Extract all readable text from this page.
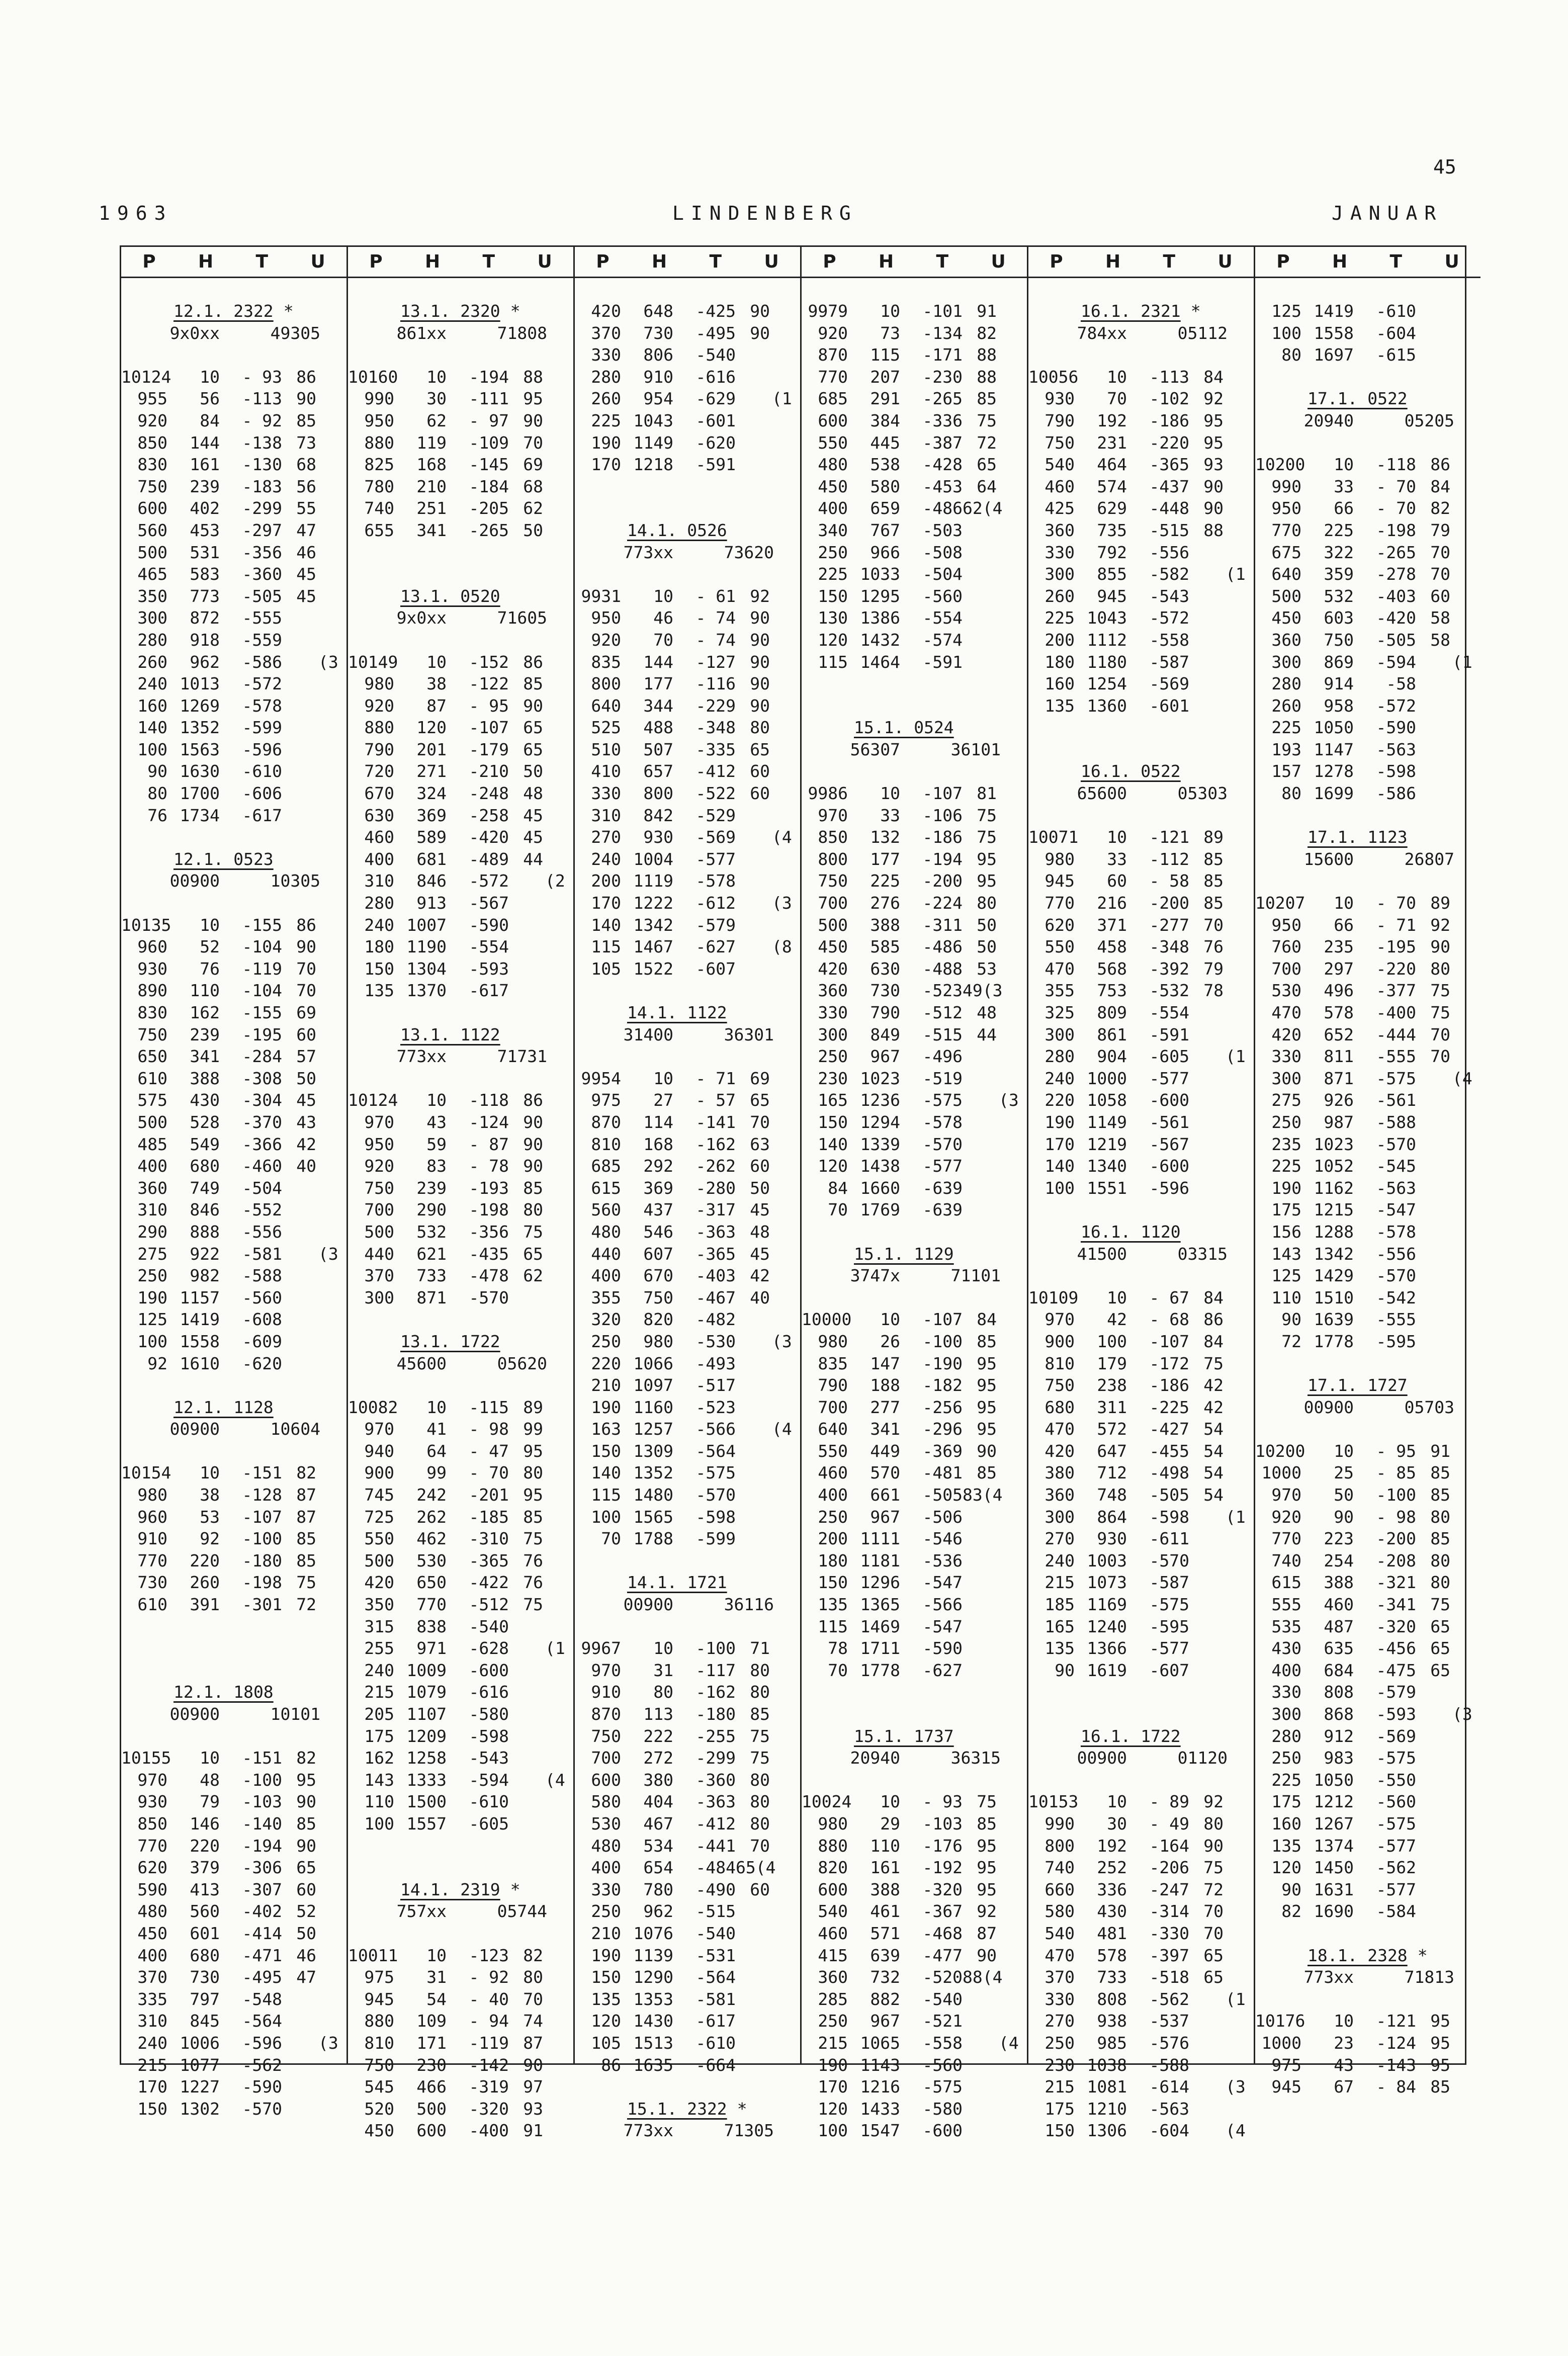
45
1963	LINDENBERG	JANUAR
P H T U
12.1. 2322 *
9x0xx	49305
10124	10	- 93 86
955	56	-113 90
920	84	- 92 85
850	144	-138 73
830	161	-130 68
750	239	-183 56
600	402	-299 55
560	453	-297 47
500	531	-356 46
465	583	-360 45
350	773	-505 45
300	872	-555
280	918	-559
260	962	-586 (3
240 1013	-572
160 1269	-578
140 1352	-599
100 1563	-596
90 1630	-610
80 1700	-606
76 1734	-617
12.1. 0523
00900	10305
10135	10	-155 86
960	52	-104 90
930	76	-119 70
890	110	-104 70
830	162	-155 69
750	239	-195 60
650	341	-284 57
610	388	-308 50
575	430	-304 45
500	528	-370 43
485	549	-366 42
400	680	-460 40
360	749	-504
310	846	-552
290	888	-556
275	922	-581 (3
250	982	-588
190 1157	-560
125 1419	-608
100 1558	-609
92 1610	-620
12.1. 1128
00900	10604
10154	10	-151 82
980	38	-128 87
960	53	-107 87
910	92	-100 85
770	220	-180 85
730	260	-198 75
610	391	-301 72
12.1. 1808
00900	10101
10155	10	-151 82
970	48	-100 95
930	79	-103 90
850	146	-140 85
770	220	-194 90
620	379	-306 65
590	413	-307 60
480	560	-402 52
450	601	-414 50
400	680	-471 46
370	730	-495 47
335	797	-548
310	845	-564
240 1006	-596 (3
215 1077	-562
170 1227	-590
150 1302	-570
P H T U
13.1. 2320 *
861xx	71808
10160	10	-194 88
990	30	-111 95
950	62	- 97 90
880	119	-109 70
825	168	-145 69
780	210	-184 68
740	251	-205 62
655	341	-265 50
13.1. 0520
9x0xx	71605
10149	10	-152 86
980	38	-122 85
920	87	- 95 90
880	120	-107 65
790	201	-179 65
720	271	-210 50
670	324	-248 48
630	369	-258 45
460	589	-420 45
400	681	-489 44
310	846	-572 (2
280	913	-567
240 1007	-590
180 1190	-554
150 1304	-593
135 1370	-617
13.1. 1122
773xx	71731
10124	10	-118 86
970	43	-124 90
950	59	- 87 90
920	83	- 78 90
750	239	-193 85
700	290	-198 80
500	532	-356 75
440	621	-435 65
370	733	-478 62
300	871	-570
13.1. 1722
45600	05620
10082	10	-115 89
970	41	- 98 99
940	64	- 47 95
900	99	- 70 80
745	242	-201 95
725	262	-185 85
550	462	-310 75
500	530	-365 76
420	650	-422 76
350	770	-512 75
315	838	-540
255	971	-628 (1
240 1009	-600
215 1079	-616
205 1107	-580
175 1209	-598
162 1258	-543
143 1333	-594 (4
110 1500	-610
100 1557	-605
14.1. 2319 *
757xx	05744
10011	10	-123 82
975	31	- 92 80
945	54	- 40 70
880	109	- 94 74
810	171	-119 87
750	230	-142 90
545	466	-319 97
520	500	-320 93
450	600	-400 91
P H T U
420	648	-425 90
370	730	-495 90
330	806	-540
280	910	-616
260	954	-629 (1
225 1043	-601
190 1149	-620
170 1218	-591
14.1. 0526
773xx	73620
9931	10	- 61 92
950	46	- 74 90
920	70	- 74 90
835	144	-127 90
800	177	-116 90
640	344	-229 90
525	488	-348 80
510	507	-335 65
410	657	-412 60
330	800	-522 60
310	842	-529
270	930	-569 (4
240 1004	-577
200 1119	-578
170 1222	-612 (3
140 1342	-579
115 1467	-627 (8
105 1522	-607
14.1. 1122
31400	36301
9954	10	- 71 69
975	27	- 57 65
870	114	-141 70
810	168	-162 63
685	292	-262 60
615	369	-280 50
560	437	-317 45
480	546	-363 48
440	607	-365 45
400	670	-403 42
355	750	-467 40
320	820	-482
250	980	-530 (3
220 1066	-493
210 1097	-517
190 1160	-523
163 1257	-566 (4
150 1309	-564
140 1352	-575
115 1480	-570
100 1565	-598
70 1788	-599
14.1. 1721
00900	36116
9967	10	-100 71
970	31	-117 80
910	80	-162 80
870	113	-180 85
750	222	-255 75
700	272	-299 75
600	380	-360 80
580	404	-363 80
530	467	-412 80
480	534	-441 70
400	654	-484 65(4
330	780	-490 60
250	962	-515
210 1076	-540
190 1139	-531
150 1290	-564
135 1353	-581
120 1430	-617
105 1513	-610
86 1635	-664
15.1. 2322 *
773xx	71305
P H T U
9979	10	-101 91
920	73	-134 82
870	115	-171 88
770	207	-230 88
685	291	-265 85
600	384	-336 75
550	445	-387 72
480	538	-428 65
450	580	-453 64
400	659	-486 62(4
340	767	-503
250	966	-508
225 1033	-504
150 1295	-560
130 1386	-554
120 1432	-574
115 1464	-591
15.1. 0524
56307	36101
9986	10	-107 81
970	33	-106 75
850	132	-186 75
800	177	-194 95
750	225	-200 95
700	276	-224 80
500	388	-311 50
450	585	-486 50
420	630	-488 53
360	730	-523 49(3
330	790	-512 48
300	849	-515 44
250	967	-496
230 1023	-519
165 1236	-575 (3
150 1294	-578
140 1339	-570
120 1438	-577
84 1660	-639
70 1769	-639
15.1. 1129
3747x	71101
10000	10	-107 84
980	26	-100 85
835	147	-190 95
790	188	-182 95
700	277	-256 95
640	341	-296 95
550	449	-369 90
460	570	-481 85
400	661	-505 83(4
250	967	-506
200 1111	-546
180 1181	-536
150 1296	-547
135 1365	-566
115 1469	-547
78 1711	-590
70 1778	-627
15.1. 1737
20940	36315
10024	10	- 93 75
980	29	-103 85
880	110	-176 95
820	161	-192 95
600	388	-320 95
540	461	-367 92
460	571	-468 87
415	639	-477 90
360	732	-520 88(4
285	882	-540
250	967	-521
215 1065	-558 (4
190 1143	-560
170 1216	-575
120 1433	-580
100 1547	-600
P H T U
16.1. 2321 *
784xx	05112
10056	10	-113 84
930	70	-102 92
790	192	-186 95
750	231	-220 95
540	464	-365 93
460	574	-437 90
425	629	-448 90
360	735	-515 88
330	792	-556
300	855	-582 (1
260	945	-543
225 1043	-572
200 1112	-558
180 1180	-587
160 1254	-569
135 1360	-601
16.1. 0522
65600	05303
10071	10	-121 89
980	33	-112 85
945	60	- 58 85
770	216	-200 85
620	371	-277 70
550	458	-348 76
470	568	-392 79
355	753	-532 78
325	809	-554
300	861	-591
280	904	-605 (1
240 1000	-577
220 1058	-600
190 1149	-561
170 1219	-567
140 1340	-600
100 1551	-596
16.1. 1120
41500	03315
10109	10	- 67 84
970	42	- 68 86
900	100	-107 84
810	179	-172 75
750	238	-186 42
680	311	-225 42
470	572	-427 54
420	647	-455 54
380	712	-498 54
360	748	-505 54
300	864	-598 (1
270	930	-611
240 1003	-570
215 1073	-587
185 1169	-575
165 1240	-595
135 1366	-577
90 1619	-607
16.1. 1722
00900	01120
10153	10	- 89 92
990	30	- 49 80
800	192	-164 90
740	252	-206 75
660	336	-247 72
580	430	-314 70
540	481	-330 70
470	578	-397 65
370	733	-518 65
330	808	-562 (1
270	938	-537
250	985	-576
230 1038	-588
215 1081	-614 (3
175 1210	-563
150 1306	-604 (4
P H T U
125 1419	-610
100 1558	-604
80 1697	-615
17.1. 0522
20940	05205
10200	10	-118 86
990	33	- 70 84
950	66	- 70 82
770	225	-198 79
675	322	-265 70
640	359	-278 70
500	532	-403 60
450	603	-420 58
360	750	-505 58
300	869	-594 (1
280	914	-58
260	958	-572
225 1050	-590
193 1147	-563
157 1278	-598
80 1699	-586
17.1. 1123
15600	26807
10207	10	- 70 89
950	66	- 71 92
760	235	-195 90
700	297	-220 80
530	496	-377 75
470	578	-400 75
420	652	-444 70
330	811	-555 70
300	871	-575 (4
275	926	-561
250	987	-588
235 1023	-570
225 1052	-545
190 1162	-563
175 1215	-547
156 1288	-578
143 1342	-556
125 1429	-570
110 1510	-542
90 1639	-555
72 1778	-595
17.1. 1727
00900	05703
10200	10	- 95 91
1000	25	- 85 85
970	50	-100 85
920	90	- 98 80
770	223	-200 85
740	254	-208 80
615	388	-321 80
555	460	-341 75
535	487	-320 65
430	635	-456 65
400	684	-475 65
330	808	-579
300	868	-593 (3
280	912	-569
250	983	-575
225 1050	-550
175 1212	-560
160 1267	-575
135 1374	-577
120 1450	-562
90 1631	-577
82 1690	-584
18.1. 2328 *
773xx	71813
10176	10	-121 95
1000	23	-124 95
975	43	-143 95
945	67	- 84 85
